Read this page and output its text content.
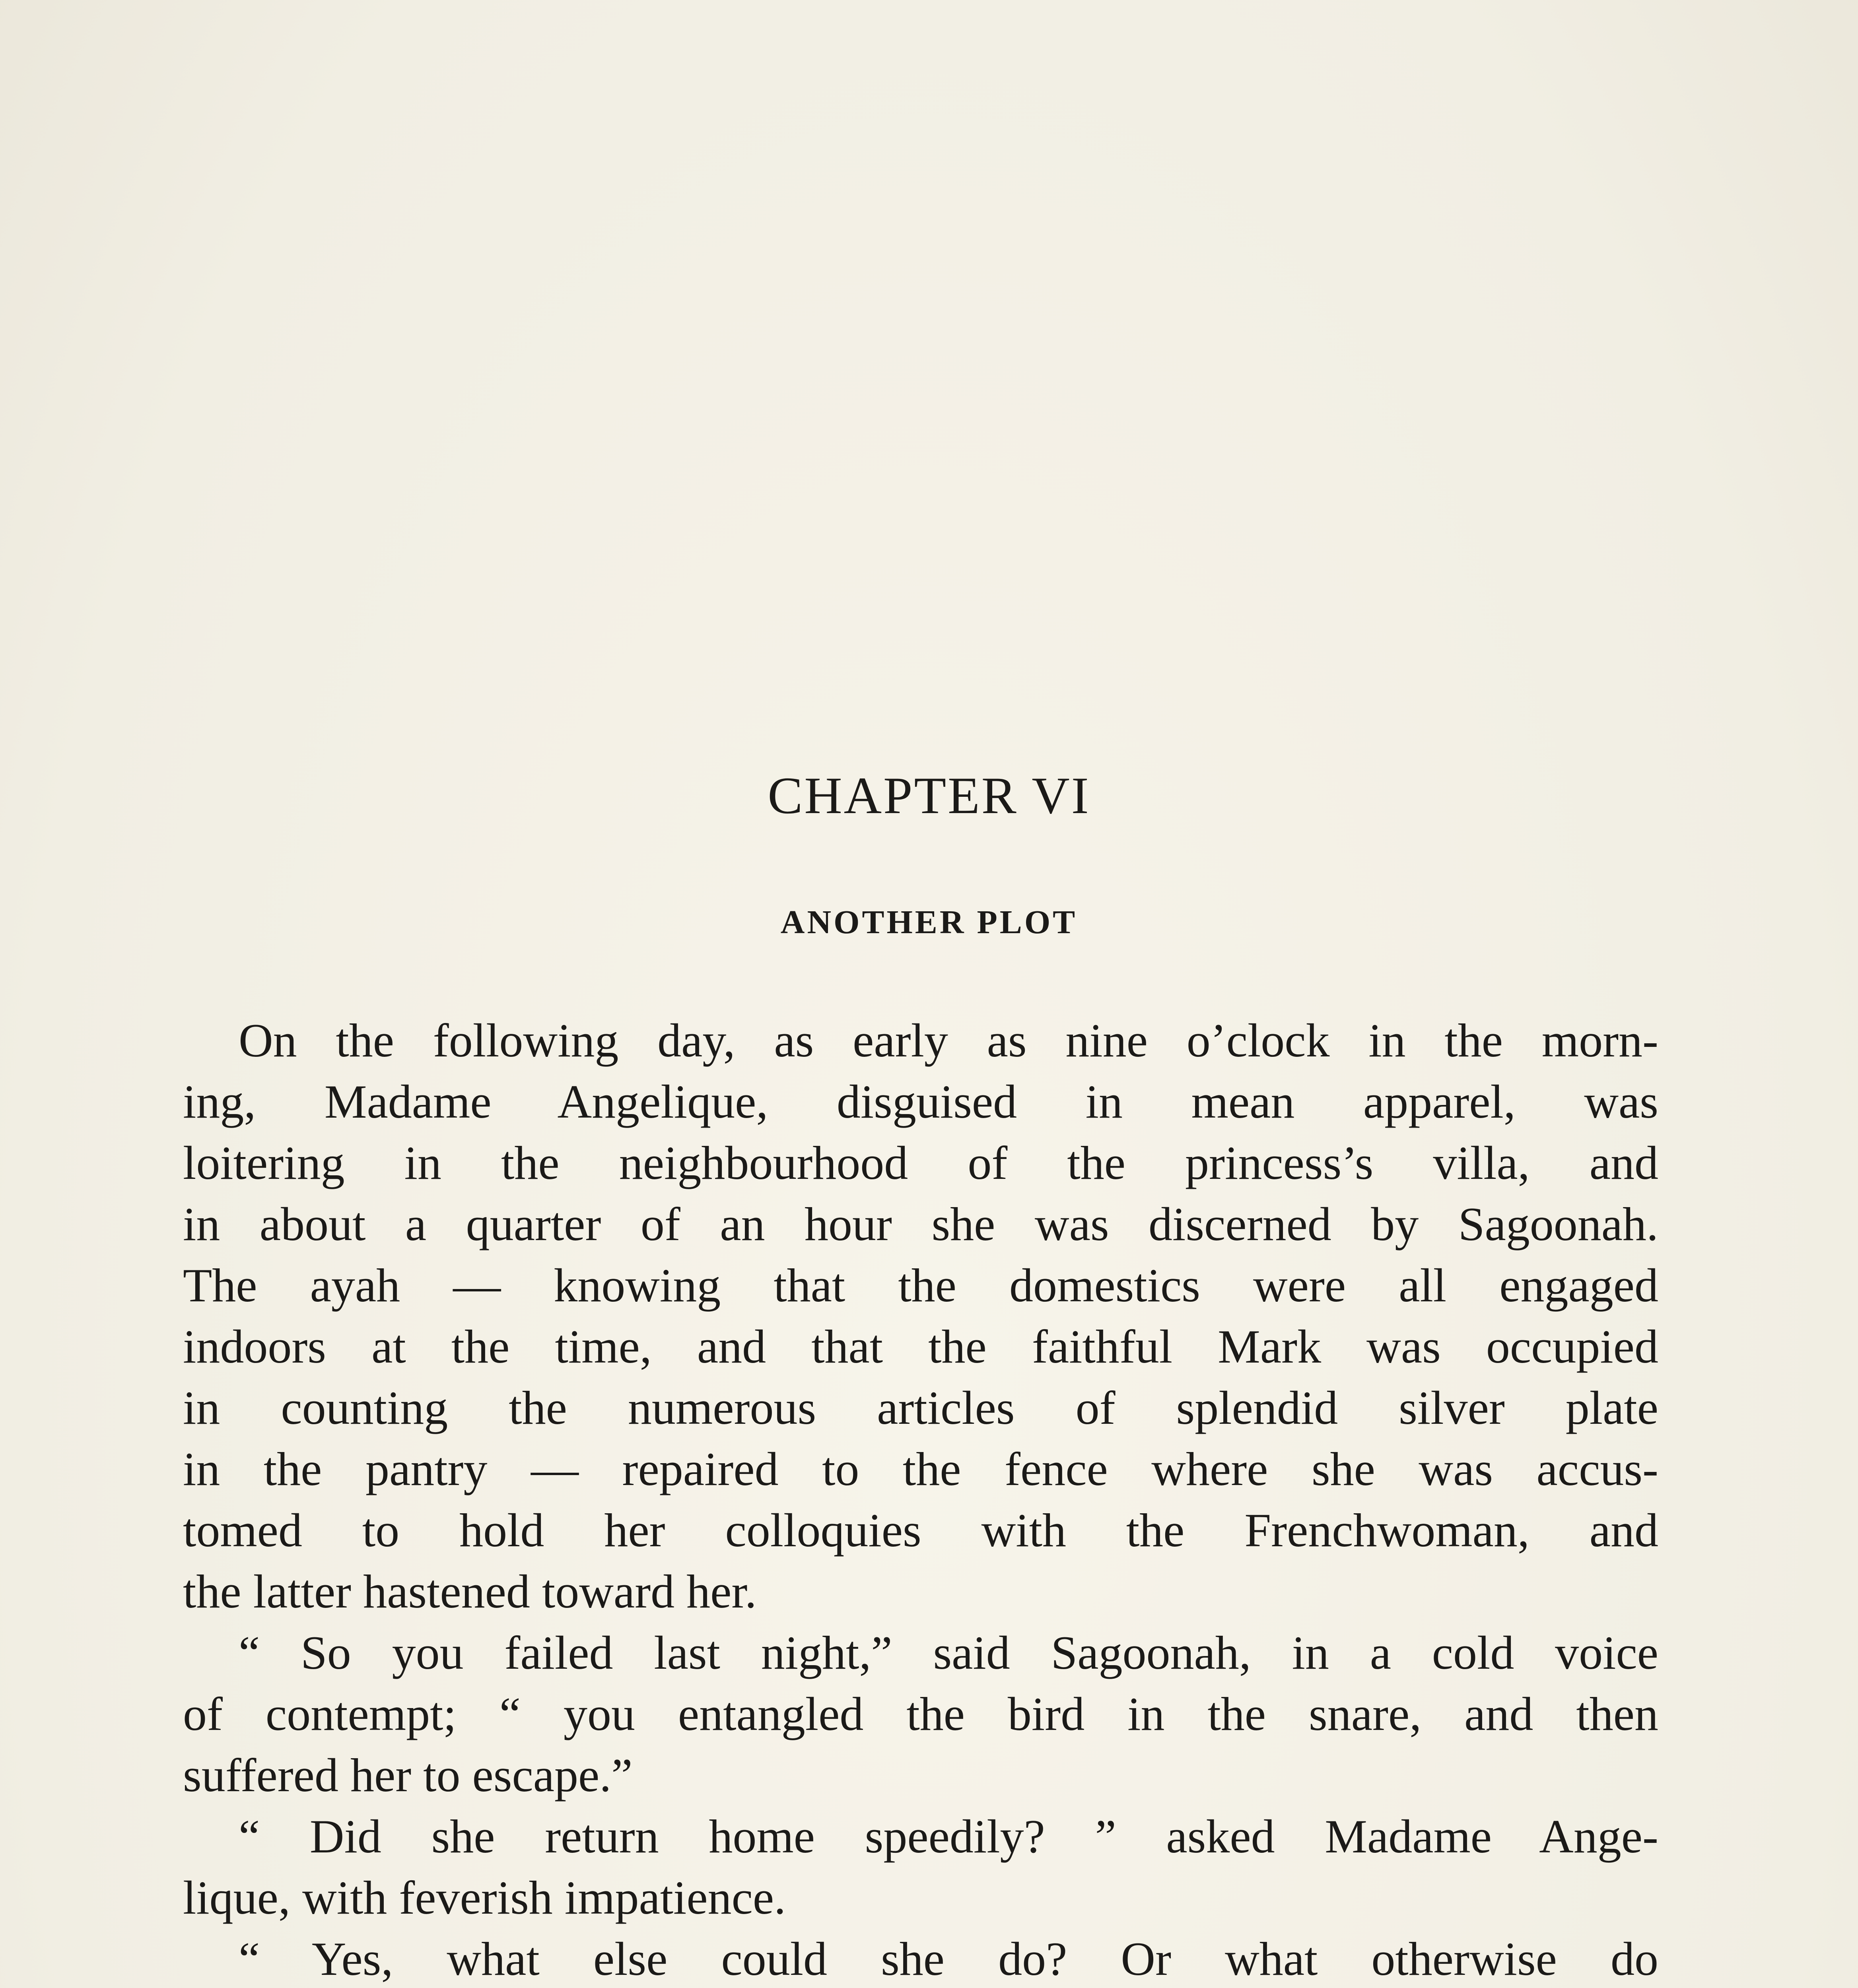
CHAPTER VI
ANOTHER PLOT
On the following day, as early as nine o’clock in the morn-
ing, Madame Angelique, disguised in mean apparel, was
loitering in the neighbourhood of the princess’s villa, and
in about a quarter of an hour she was discerned by Sagoonah.
The ayah — knowing that the domestics were all engaged
indoors at the time, and that the faithful Mark was occupied
in counting the numerous articles of splendid silver plate
in the pantry — repaired to the fence where she was accus-
tomed to hold her colloquies with the Frenchwoman, and
the latter hastened toward her.
“ So you failed last night,” said Sagoonah, in a cold voice
of contempt; “ you entangled the bird in the snare, and then
suffered her to escape.”
“ Did she return home speedily? ” asked Madame Ange-
lique, with feverish impatience.
“ Yes, what else could she do? Or what otherwise do
